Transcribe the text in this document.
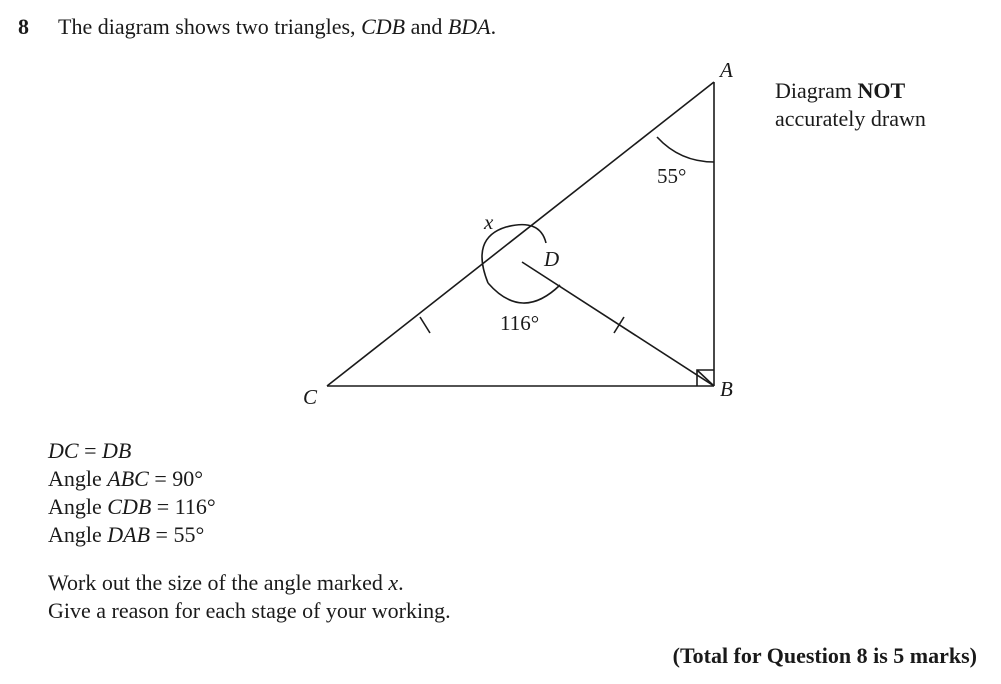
8 The diagram shows two triangles, CDB and BDA.
Diagram NOT
accurately drawn
A
B
C
D
x
116°
55°
DC = DB
Angle ABC = 90°
Angle CDB = 116°
Angle DAB = 55°
Work out the size of the angle marked x.
Give a reason for each stage of your working.
(Total for Question 8 is 5 marks)
